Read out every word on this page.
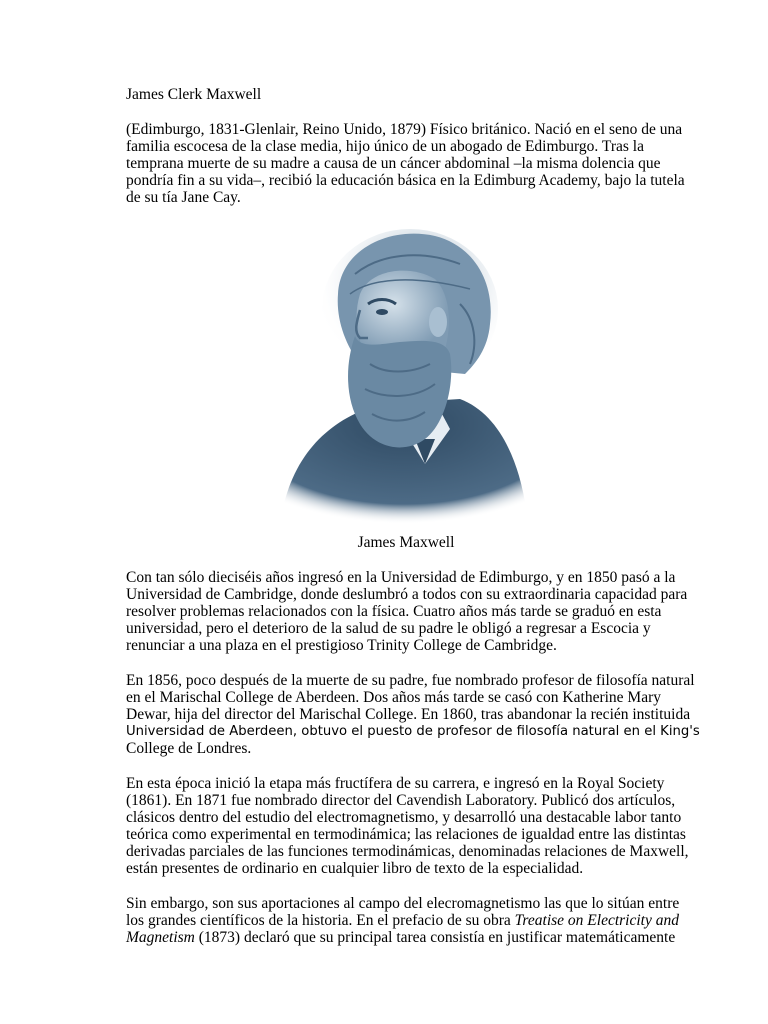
James Clerk Maxwell
(Edimburgo, 1831-Glenlair, Reino Unido, 1879) Físico británico. Nació en el seno de una
familia escocesa de la clase media, hijo único de un abogado de Edimburgo. Tras la
temprana muerte de su madre a causa de un cáncer abdominal –la misma dolencia que
pondría fin a su vida–, recibió la educación básica en la Edimburg Academy, bajo la tutela
de su tía Jane Cay.
James Maxwell
Con tan sólo dieciséis años ingresó en la Universidad de Edimburgo, y en 1850 pasó a la
Universidad de Cambridge, donde deslumbró a todos con su extraordinaria capacidad para
resolver problemas relacionados con la física. Cuatro años más tarde se graduó en esta
universidad, pero el deterioro de la salud de su padre le obligó a regresar a Escocia y
renunciar a una plaza en el prestigioso Trinity College de Cambridge.
En 1856, poco después de la muerte de su padre, fue nombrado profesor de filosofía natural
en el Marischal College de Aberdeen. Dos años más tarde se casó con Katherine Mary
Dewar, hija del director del Marischal College. En 1860, tras abandonar la recién instituida
Universidad de Aberdeen, obtuvo el puesto de profesor de filosofía natural en el King's
College de Londres.
En esta época inició la etapa más fructífera de su carrera, e ingresó en la Royal Society
(1861). En 1871 fue nombrado director del Cavendish Laboratory. Publicó dos artículos,
clásicos dentro del estudio del electromagnetismo, y desarrolló una destacable labor tanto
teórica como experimental en termodinámica; las relaciones de igualdad entre las distintas
derivadas parciales de las funciones termodinámicas, denominadas relaciones de Maxwell,
están presentes de ordinario en cualquier libro de texto de la especialidad.
Sin embargo, son sus aportaciones al campo del elecromagnetismo las que lo sitúan entre
los grandes científicos de la historia. En el prefacio de su obra Treatise on Electricity and
Magnetism (1873) declaró que su principal tarea consistía en justificar matemáticamente
